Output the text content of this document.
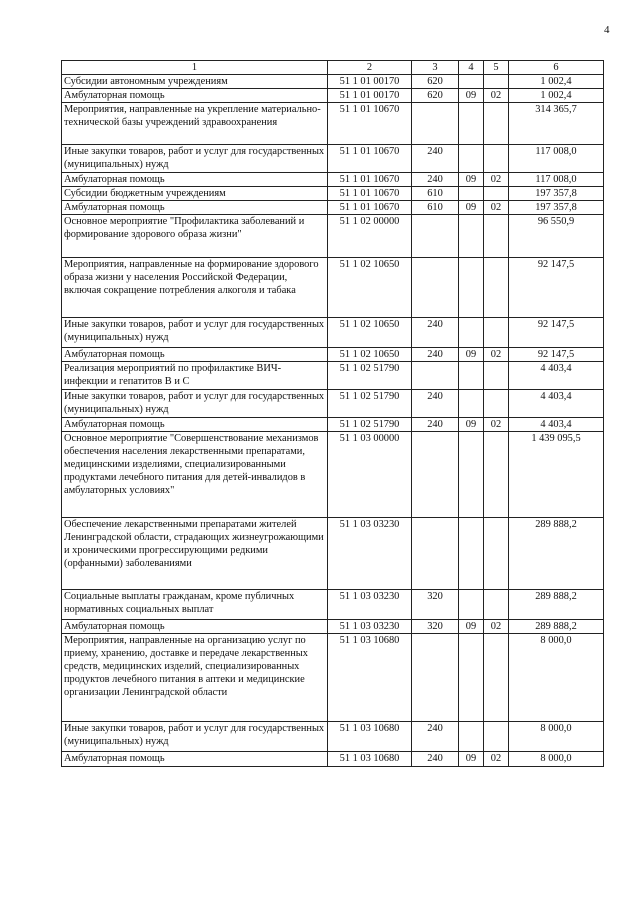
4
1	2	3	4	5	6
Субсидии автономным учреждениям	51 1 01 00170	620			1 002,4
Амбулаторная помощь	51 1 01 00170	620	09	02	1 002,4
Мероприятия, направленные на укрепление материально-технической базы учреждений здравоохранения	51 1 01 10670				314 365,7
Иные закупки товаров, работ и услуг для государственных (муниципальных) нужд	51 1 01 10670	240			117 008,0
Амбулаторная помощь	51 1 01 10670	240	09	02	117 008,0
Субсидии бюджетным учреждениям	51 1 01 10670	610			197 357,8
Амбулаторная помощь	51 1 01 10670	610	09	02	197 357,8
Основное мероприятие "Профилактика заболеваний и формирование здорового образа жизни"	51 1 02 00000				96 550,9
Мероприятия, направленные на формирование здорового образа жизни у населения Российской Федерации, включая сокращение потребления алкоголя и табака	51 1 02 10650				92 147,5
Иные закупки товаров, работ и услуг для государственных (муниципальных) нужд	51 1 02 10650	240			92 147,5
Амбулаторная помощь	51 1 02 10650	240	09	02	92 147,5
Реализация мероприятий по профилактике ВИЧ-инфекции и гепатитов В и С	51 1 02 51790				4 403,4
Иные закупки товаров, работ и услуг для государственных (муниципальных) нужд	51 1 02 51790	240			4 403,4
Амбулаторная помощь	51 1 02 51790	240	09	02	4 403,4
Основное мероприятие "Совершенствование механизмов обеспечения населения лекарственными препаратами, медицинскими изделиями, специализированными продуктами лечебного питания для детей-инвалидов в амбулаторных условиях"	51 1 03 00000				1 439 095,5
Обеспечение лекарственными препаратами жителей Ленинградской области, страдающих жизнеугрожающими и хроническими прогрессирующими редкими (орфанными) заболеваниями	51 1 03 03230				289 888,2
Социальные выплаты гражданам, кроме публичных нормативных социальных выплат	51 1 03 03230	320			289 888,2
Амбулаторная помощь	51 1 03 03230	320	09	02	289 888,2
Мероприятия, направленные на организацию услуг по приему, хранению, доставке и передаче лекарственных средств, медицинских изделий, специализированных продуктов лечебного питания в аптеки и медицинские организации Ленинградской области	51 1 03 10680				8 000,0
Иные закупки товаров, работ и услуг для государственных (муниципальных) нужд	51 1 03 10680	240			8 000,0
Амбулаторная помощь	51 1 03 10680	240	09	02	8 000,0
